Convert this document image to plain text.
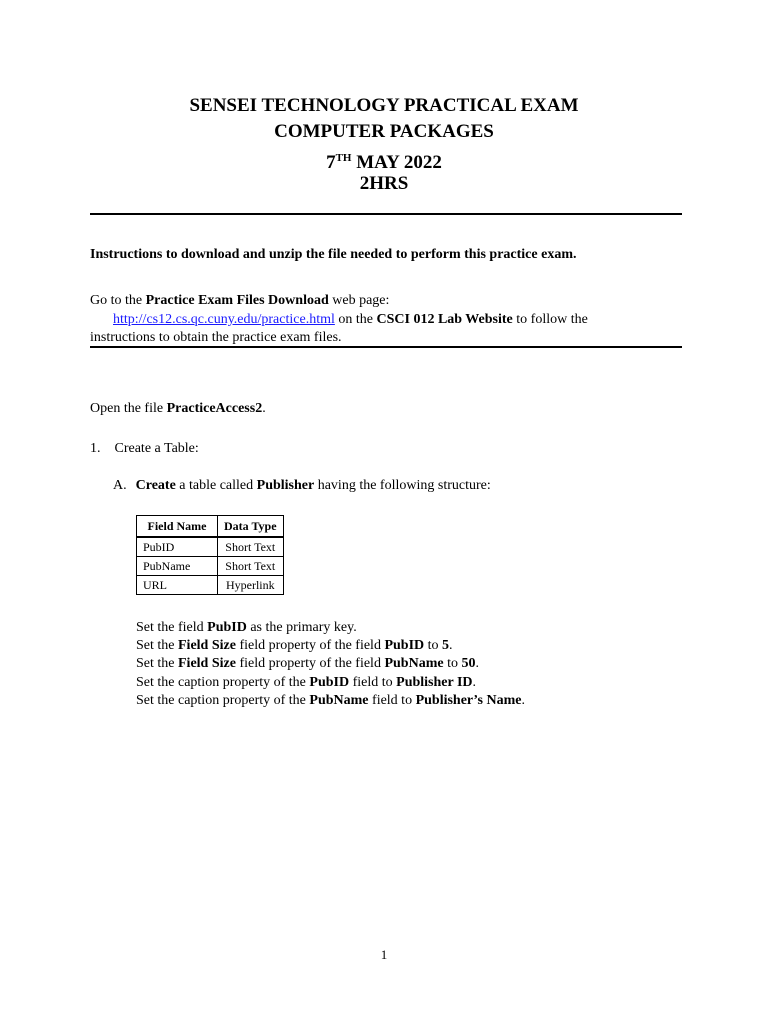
SENSEI TECHNOLOGY PRACTICAL EXAM
COMPUTER PACKAGES
7TH MAY 2022
2HRS
Instructions to download and unzip the file needed to perform this practice exam.
Go to the Practice Exam Files Download web page:
http://cs12.cs.qc.cuny.edu/practice.html on the CSCI 012 Lab Website to follow the
instructions to obtain the practice exam files.
Open the file PracticeAccess2.
1. Create a Table:
A. Create a table called Publisher having the following structure:
Field Name	Data Type
PubID	Short Text
PubName	Short Text
URL	Hyperlink
Set the field PubID as the primary key.
Set the Field Size field property of the field PubID to 5.
Set the Field Size field property of the field PubName to 50.
Set the caption property of the PubID field to Publisher ID.
Set the caption property of the PubName field to Publisher’s Name.
1
